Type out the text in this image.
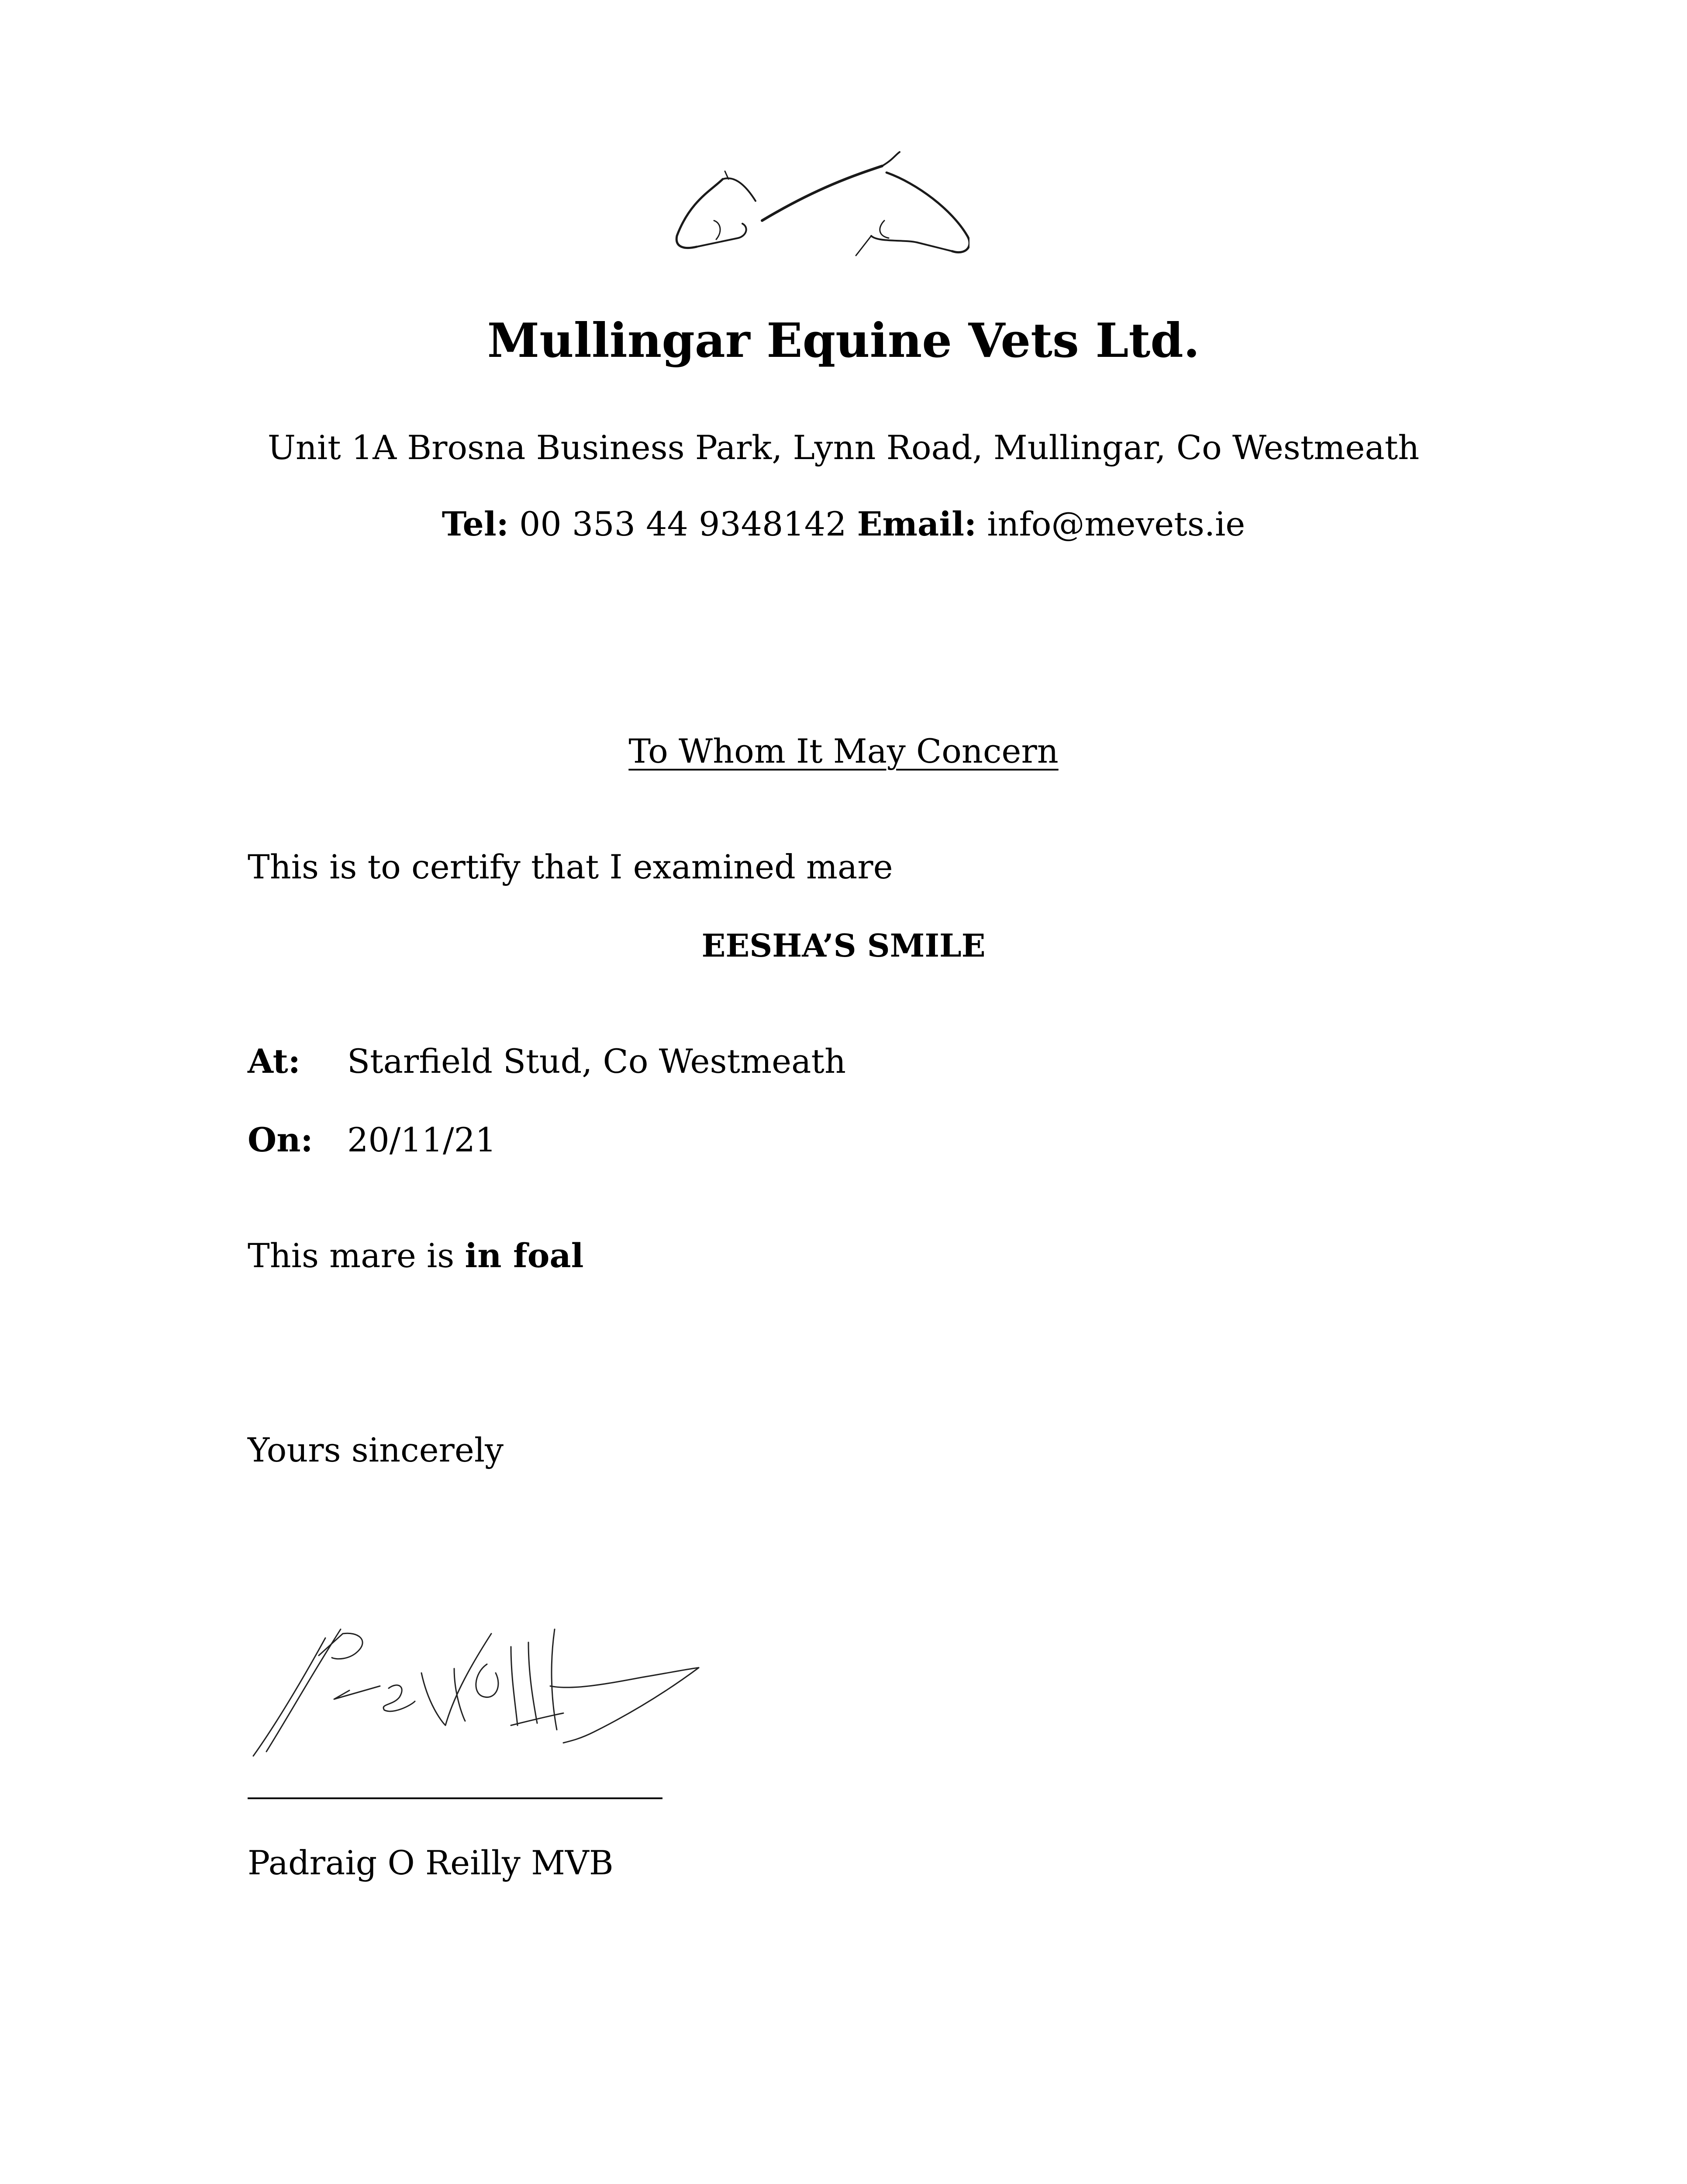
Mullingar Equine Vets Ltd.
Unit 1A Brosna Business Park, Lynn Road, Mullingar, Co Westmeath
Tel: 00 353 44 9348142 Email: info@mevets.ie
To Whom It May Concern
This is to certify that I examined mare
EESHA’S SMILE
At: Starfield Stud, Co Westmeath
On: 20/11/21
This mare is in foal
Yours sincerely
Padraig O Reilly MVB
